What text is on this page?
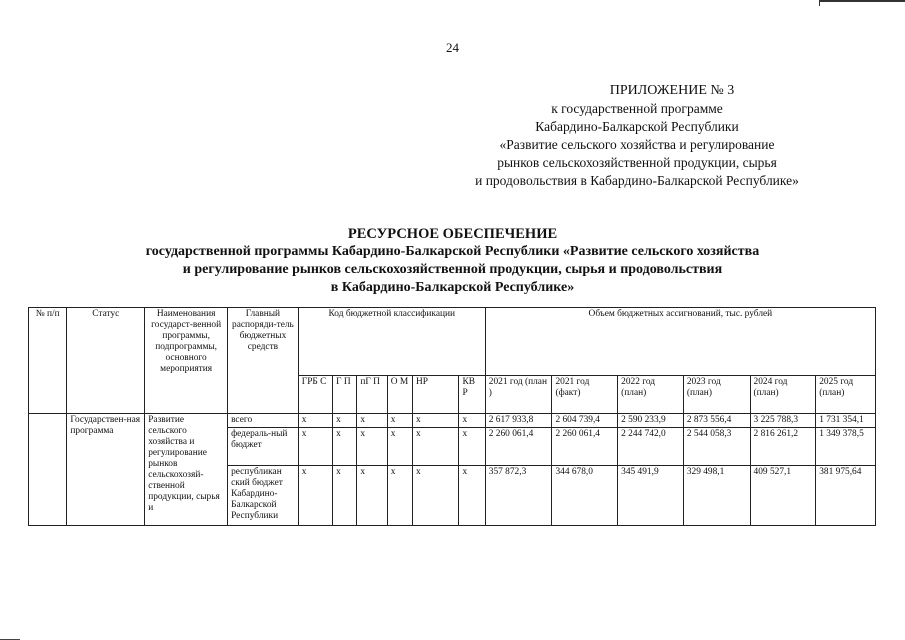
24
ПРИЛОЖЕНИЕ № 3
к государственной программе
Кабардино-Балкарской Республики
«Развитие сельского хозяйства и регулирование
рынков сельскохозяйственной продукции, сырья
и продовольствия в Кабардино-Балкарской Республике»
РЕСУРСНОЕ ОБЕСПЕЧЕНИЕ
государственной программы Кабардино-Балкарской Республики «Развитие сельского хозяйства
и регулирование рынков сельскохозяйственной продукции, сырья и продовольствия
в Кабардино-Балкарской Республике»
№ п/п	Статус	Наименования государст-венной программы, подпрограммы, основного мероприятия	Главный распоряди-тель бюджетных средств	Код бюджетной классификации						Объем бюджетных ассигнований, тыс. рублей					
				ГРБ С	Г П	пГ П	О М	НР	КВ Р	2021 год (план )	2021 год (факт)	2022 год (план)	2023 год (план)	2024 год (план)	2025 год (план)
	Государствен-ная программа	Развитие сельского хозяйства и регулирование рынков сельскохозяй-ственной продукции, сырья и	всего	х	х	х	х	х	х	2 617 933,8	2 604 739,4	2 590 233,9	2 873 556,4	3 225 788,3	1 731 354,1
			федераль-ный бюджет	х	х	х	х	х	х	2 260 061,4	2 260 061,4	2 244 742,0	2 544 058,3	2 816 261,2	1 349 378,5
			республикан ский бюджет Кабардино-Балкарской Республики	х	х	х	х	х	х	357 872,3	344 678,0	345 491,9	329 498,1	409 527,1	381 975,64
